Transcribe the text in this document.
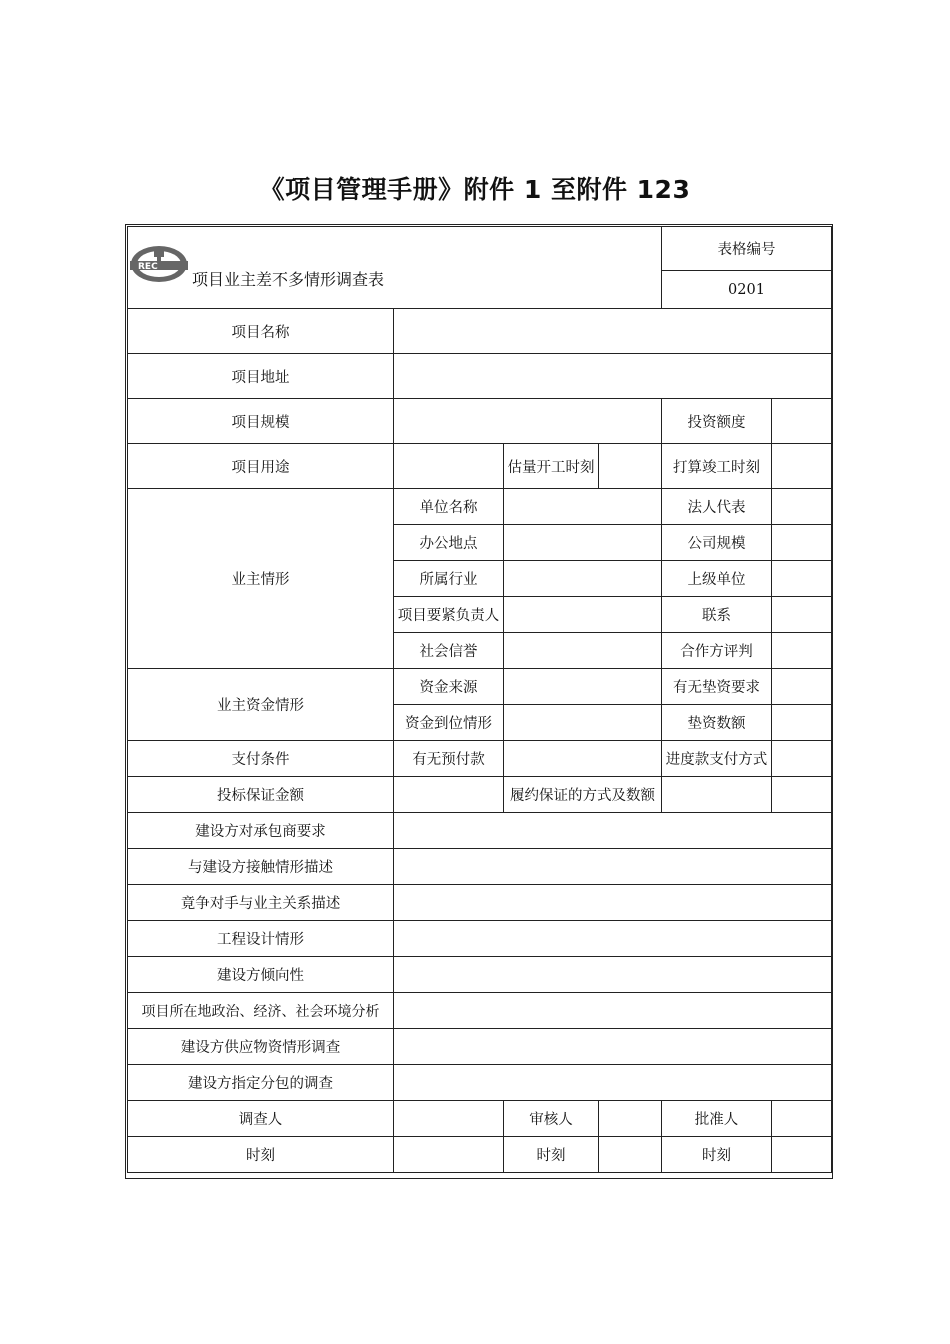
《项目管理手册》附件 1 至附件 123
REC
项目业主差不多情形调查表				表格编号	
				0201	
项目名称					
项目地址					
项目规模				投资额度	
项目用途		估量开工时刻		打算竣工时刻	
业主情形	单位名称			法人代表	
	办公地点			公司规模	
	所属行业			上级单位	
	项目要紧负责人			联系	
	社会信誉			合作方评判	
业主资金情形	资金来源			有无垫资要求	
	资金到位情形			垫资数额	
支付条件	有无预付款			进度款支付方式	
投标保证金额		履约保证的方式及数额			
建设方对承包商要求					
与建设方接触情形描述					
竟争对手与业主关系描述					
工程设计情形					
建设方倾向性					
项目所在地政治、经济、社会环境分析					
建设方供应物资情形调查					
建设方指定分包的调查					
调查人		审核人		批准人	
时刻		时刻		时刻	
